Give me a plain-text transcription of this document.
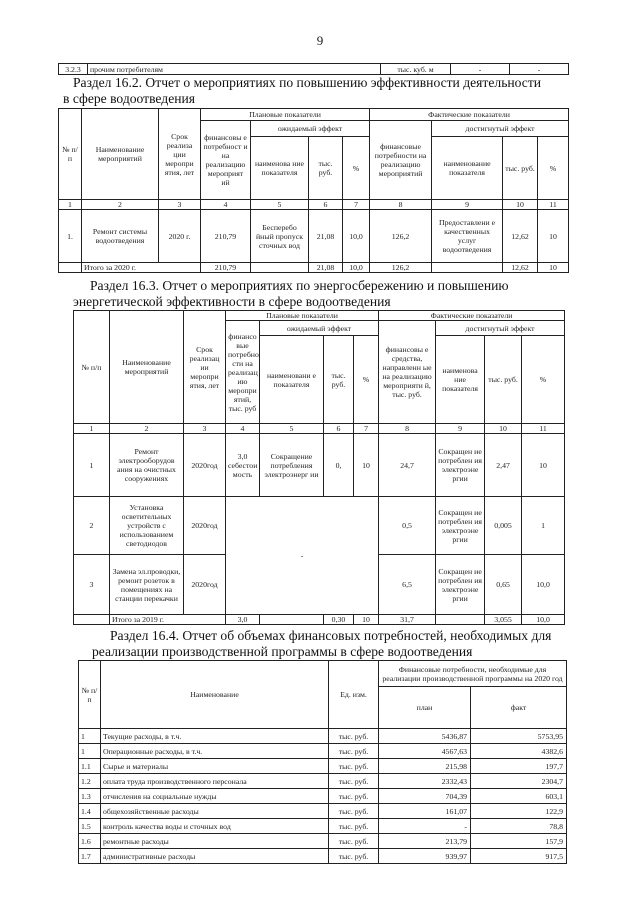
9
3.2.3	прочим потребителям	тыс. куб. м	-	-
Раздел 16.2. Отчет о мероприятиях по повышению эффективности деятельности
в сфере водоотведения
№ п/ п	Наименование мероприятий	Срок реализа ции меропри ятия, лет	Плановые показатели				Фактические показатели			
			финансовы е потребност и на реализацию мероприят ий	ожидаемый эффект			финансовые потребности на реализацию мероприятий	достигнутый эффект		
				наименова ние показателя	тыс. руб.	%		наименование показателя	тыс. руб.	%
1	2	3	4	5	6	7	8	9	10	11
1.	Ремонт системы водоотведения	2020 г.	210,79	Бесперебо йный пропуск сточных вод	21,08	10,0	126,2	Предоставлени е качественных услуг водоотведения	12,62	10
	Итого за 2020 г.		210,79		21,08	10,0	126,2		12,62	10
Раздел 16.3. Отчет о мероприятиях по энергосбережению и повышению
энергетической эффективности в сфере водоотведения
№ п/п	Наименование мероприятий	Срок реализац ии меропри ятия, лет	Плановые показатели				Фактические показатели			
			финансо вые потребно сти на реализац ию меропри ятий, тыс. руб	ожидаемый эффект			финансовы е средства, направленн ые на реализацию мероприяти й, тыс. руб.	достигнутый эффект		
				наименовани е показателя	тыс. руб.	%		наименова ние показателя	тыс. руб.	%
1	2	3	4	5	6	7	8	9	10	11
1	Ремонт электрооборудов ания на очистных сооружениях	2020год	3,0 себестои мость	Сокращение потребления электроэнерг ии	0,	10	24,7	Сокращен ие потреблен ия электроэне ргии	2,47	10
2	Установка осветительных устройств с использованием светодиодов	2020год	-				0,5	Сокращен ие потреблен ия электроэне ргии	0,005	1
3	Замена эл.проводки, ремонт розеток в помещениях на станции перекачки	2020год					6,5	Сокращен ие потреблен ия электроэне ргии	0,65	10,0
	Итого за 2019 г.		3,0		0,30	10	31,7		3,055	10,0
Раздел 16.4. Отчет об объемах финансовых потребностей, необходимых для
реализации производственной программы в сфере водоотведения
№ п/п	Наименование	Ед. изм.	Финансовые потребности, необходимые для реализации производственной программы на 2020 год	
			план	факт
1	Текущие расходы, в т.ч.	тыс. руб.	5436,87	5753,95
1	Операционные расходы, в т.ч.	тыс. руб.	4567,63	4382,6
1.1	Сырье и материалы	тыс. руб.	215,98	197,7
1.2	оплата труда производственного персонала	тыс. руб.	2332,43	2304,7
1.3	отчисления на социальные нужды	тыс. руб.	704,39	603,1
1.4	общехозяйственные расходы	тыс. руб.	161,07	122,9
1.5	контроль качества воды и сточных вод	тыс. руб.	-	78,8
1.6	ремонтные расходы	тыс. руб.	213,79	157,9
1.7	административные расходы	тыс. руб.	939,97	917,5
